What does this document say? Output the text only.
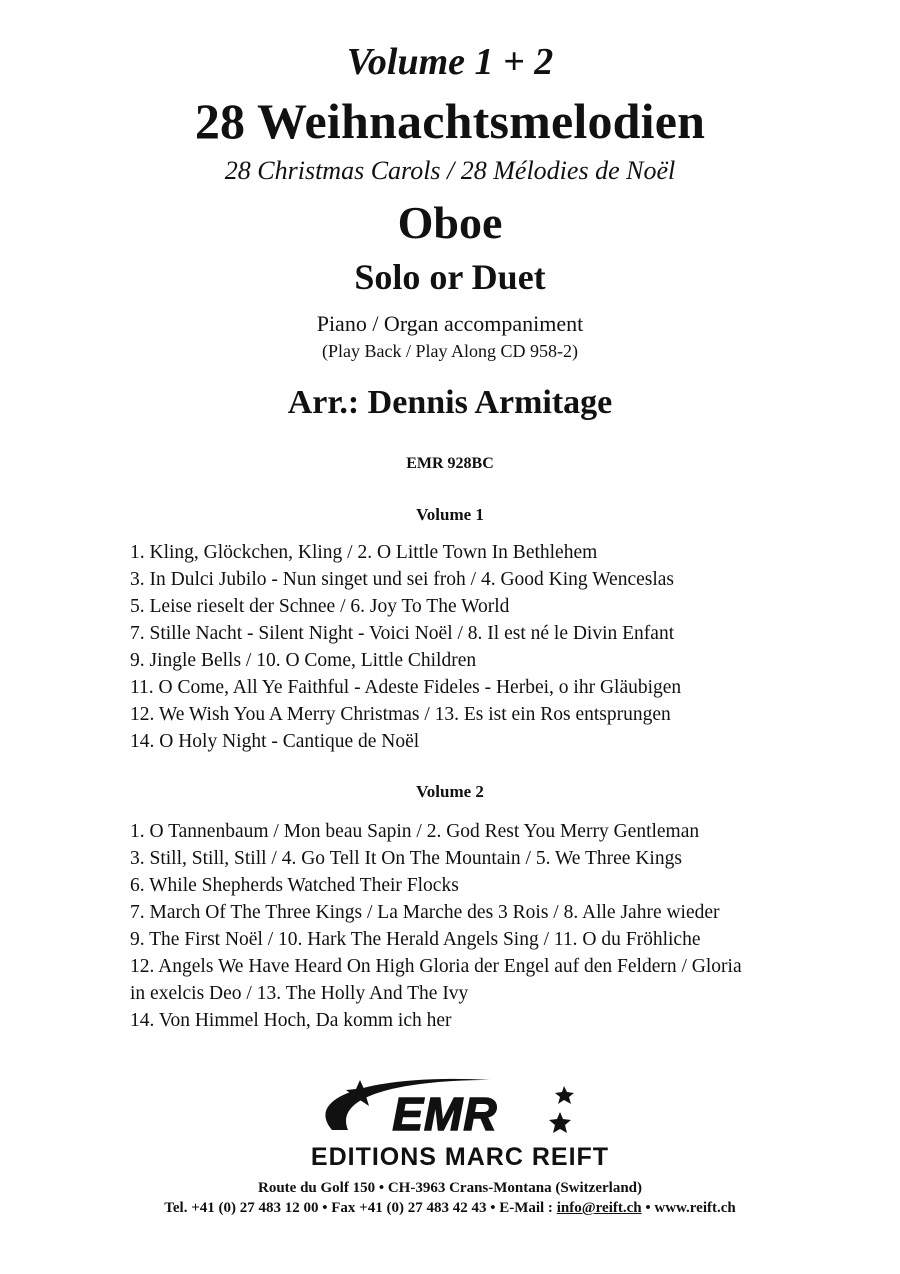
Volume 1 + 2
28 Weihnachtsmelodien
28 Christmas Carols / 28 Mélodies de Noël
Oboe
Solo or Duet
Piano / Organ accompaniment
(Play Back / Play Along CD 958-2)
Arr.: Dennis Armitage
EMR 928BC
Volume 1
1. Kling, Glöckchen, Kling / 2. O Little Town In Bethlehem
3. In Dulci Jubilo - Nun singet und sei froh / 4. Good King Wenceslas
5. Leise rieselt der Schnee / 6. Joy To The World
7. Stille Nacht - Silent Night - Voici Noël / 8. Il est né le Divin Enfant
9. Jingle Bells / 10. O Come, Little Children
11. O Come, All Ye Faithful - Adeste Fideles - Herbei, o ihr Gläubigen
12. We Wish You A Merry Christmas / 13. Es ist ein Ros entsprungen
14. O Holy Night - Cantique de Noël
Volume 2
1. O Tannenbaum / Mon beau Sapin / 2. God Rest You Merry Gentleman
3. Still, Still, Still / 4. Go Tell It On The Mountain / 5. We Three Kings
6. While Shepherds Watched Their Flocks
7. March Of The Three Kings / La Marche des 3 Rois / 8. Alle Jahre wieder
9. The First Noël / 10. Hark The Herald Angels Sing / 11. O du Fröhliche
12. Angels We Have Heard On High Gloria der Engel auf den Feldern / Gloria
in exelcis Deo / 13. The Holly And The Ivy
14. Von Himmel Hoch, Da komm ich her
EMR
EDITIONS MARC REIFT
Route du Golf 150 • CH-3963 Crans-Montana (Switzerland)
Tel. +41 (0) 27 483 12 00 • Fax +41 (0) 27 483 42 43 • E-Mail : info@reift.ch • www.reift.ch
